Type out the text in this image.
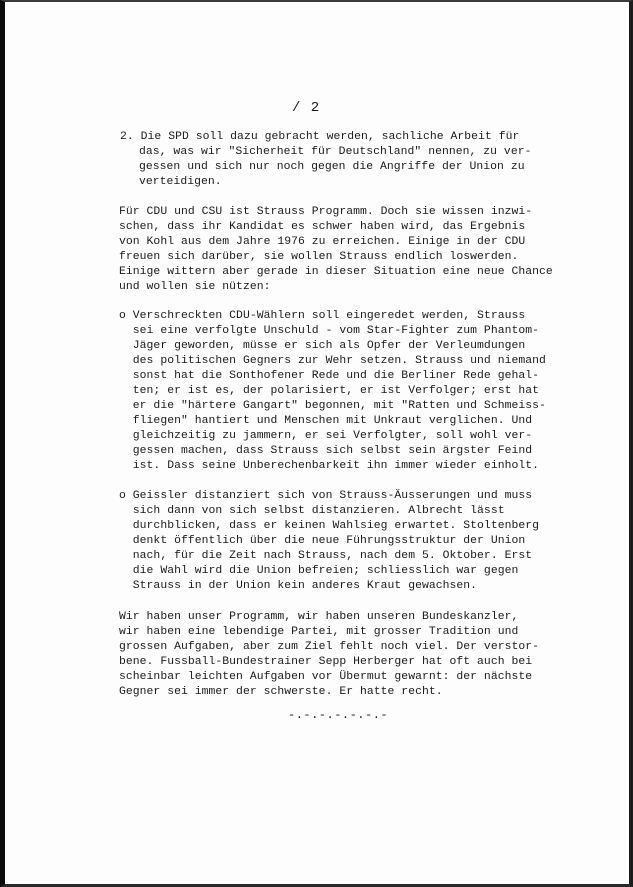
/ 2
2. Die SPD soll dazu gebracht werden, sachliche Arbeit für
das, was wir "Sicherheit für Deutschland" nennen, zu ver-
gessen und sich nur noch gegen die Angriffe der Union zu
verteidigen.
Für CDU und CSU ist Strauss Programm. Doch sie wissen inzwi-
schen, dass ihr Kandidat es schwer haben wird, das Ergebnis
von Kohl aus dem Jahre 1976 zu erreichen. Einige in der CDU
freuen sich darüber, sie wollen Strauss endlich loswerden.
Einige wittern aber gerade in dieser Situation eine neue Chance
und wollen sie nützen:
o Verschreckten CDU-Wählern soll eingeredet werden, Strauss
sei eine verfolgte Unschuld - vom Star-Fighter zum Phantom-
Jäger geworden, müsse er sich als Opfer der Verleumdungen
des politischen Gegners zur Wehr setzen. Strauss und niemand
sonst hat die Sonthofener Rede und die Berliner Rede gehal-
ten; er ist es, der polarisiert, er ist Verfolger; erst hat
er die "härtere Gangart" begonnen, mit "Ratten und Schmeiss-
fliegen" hantiert und Menschen mit Unkraut verglichen. Und
gleichzeitig zu jammern, er sei Verfolgter, soll wohl ver-
gessen machen, dass Strauss sich selbst sein ärgster Feind
ist. Dass seine Unberechenbarkeit ihn immer wieder einholt.
o Geissler distanziert sich von Strauss-Äusserungen und muss
sich dann von sich selbst distanzieren. Albrecht lässt
durchblicken, dass er keinen Wahlsieg erwartet. Stoltenberg
denkt öffentlich über die neue Führungsstruktur der Union
nach, für die Zeit nach Strauss, nach dem 5. Oktober. Erst
die Wahl wird die Union befreien; schliesslich war gegen
Strauss in der Union kein anderes Kraut gewachsen.
Wir haben unser Programm, wir haben unseren Bundeskanzler,
wir haben eine lebendige Partei, mit grosser Tradition und
grossen Aufgaben, aber zum Ziel fehlt noch viel. Der verstor-
bene. Fussball-Bundestrainer Sepp Herberger hat oft auch bei
scheinbar leichten Aufgaben vor Übermut gewarnt: der nächste
Gegner sei immer der schwerste. Er hatte recht.
-.-.-.-.-.-.-
